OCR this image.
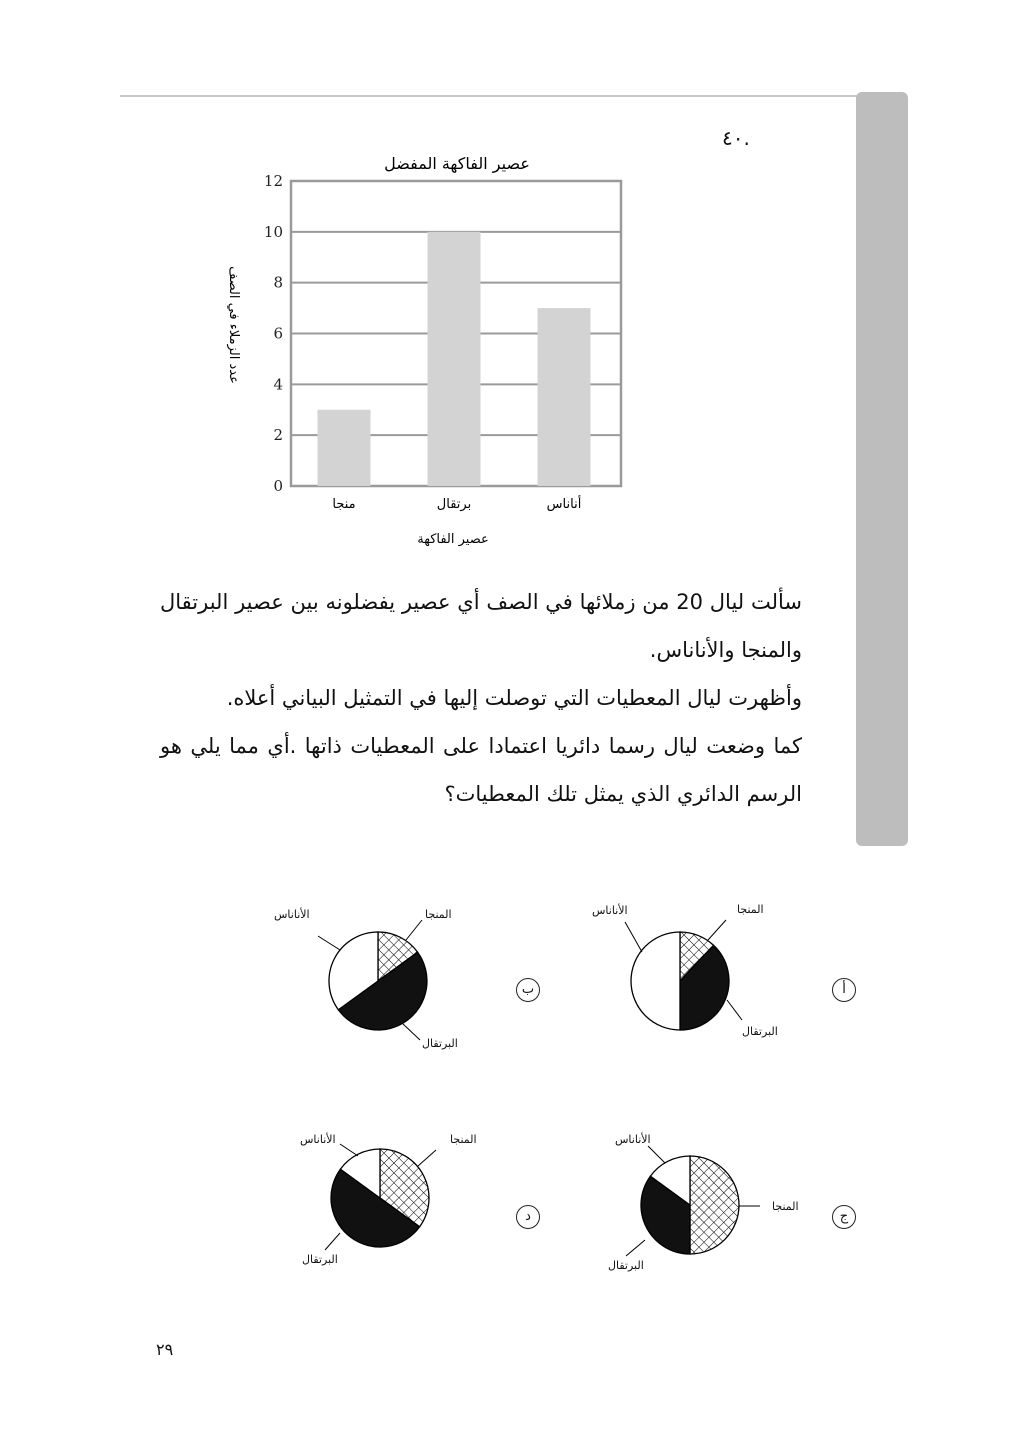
.٤٠
عصير الفاكهة المفضل
0
2
4
6
8
10
12
منجا	برتقال	أناناس
عصير الفاكهة
عدد الزملاء في الصف

سألت ليال 20 من زملائها في الصف أي عصير يفضلونه بين عصير البرتقال والمنجا والأناناس.

وأظهرت ليال المعطيات التي توصلت إليها في التمثيل البياني أعلاه.

كما وضعت ليال رسما دائريا اعتمادا على المعطيات ذاتها .أي مما يلي هو الرسم الدائري الذي يمثل تلك المعطيات؟

المنجا
البرتقال
الأناناس
أ
المنجا
البرتقال
الأناناس
ب
المنجا
البرتقال
الأناناس
ج
المنجا
البرتقال
الأناناس
د
٢٩
